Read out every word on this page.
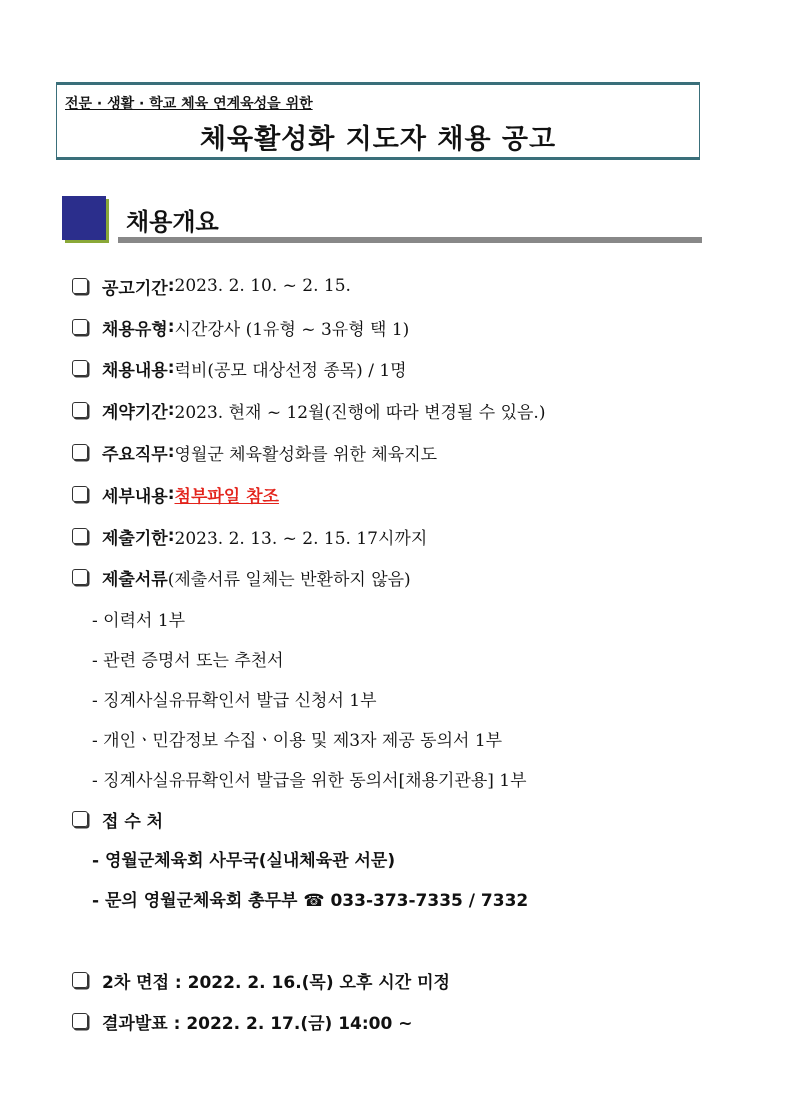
전문 · 생활 · 학교 체육 연계육성을 위한
체육활성화 지도자 채용 공고
채용개요
공고기간 : 2023. 2. 10. ~ 2. 15.
채용유형 : 시간강사 (1유형 ~ 3유형 택 1)
채용내용 : 럭비(공모 대상선정 종목) / 1명
계약기간 : 2023. 현재 ~ 12월(진행에 따라 변경될 수 있음.)
주요직무 : 영월군 체육활성화를 위한 체육지도
세부내용 : 첨부파일 참조
제출기한 : 2023. 2. 13. ~ 2. 15. 17시까지
제출서류 (제출서류 일체는 반환하지 않음)
- 이력서 1부
- 관련 증명서 또는 추천서
- 징계사실유뮤확인서 발급 신청서 1부
- 개인ㆍ민감정보 수집ㆍ이용 및 제3자 제공 동의서 1부
- 징계사실유뮤확인서 발급을 위한 동의서[채용기관용] 1부
접 수 처
- 영월군체육회 사무국(실내체육관 서문)
- 문의 영월군체육회 총무부 ☎ 033-373-7335 / 7332
2차 면접 : 2022. 2. 16.(목) 오후 시간 미정
결과발표 : 2022. 2. 17.(금) 14:00 ~
